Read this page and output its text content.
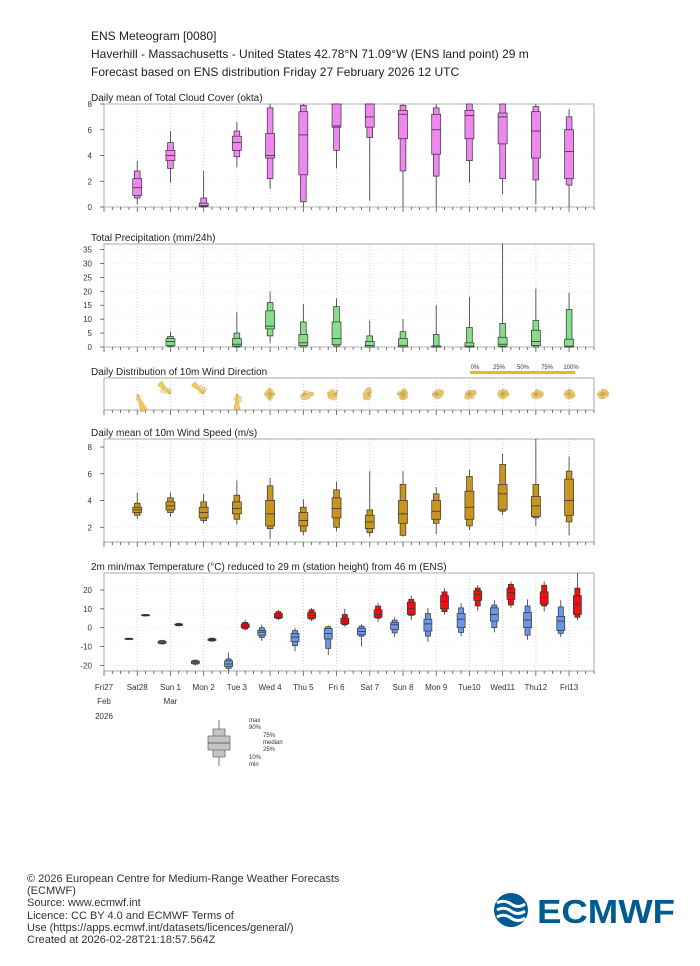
ENS Meteogram [0080]
Haverhill - Massachusetts - United States 42.78°N 71.09°W (ENS land point) 29 m
Forecast based on ENS distribution Friday 27 February 2026 12 UTC
Daily mean of Total Cloud Cover (okta)
0
2
4
6
8
Total Precipitation (mm/24h)
0
5
10
15
20
25
30
35
Daily mean of 10m Wind Speed (m/s)
2
4
6
8
Daily Distribution of 10m Wind Direction	0% 25% 50% 75% 100%
2m min/max Temperature (°C) reduced to 29 m (station height) from 46 m (ENS)
-20
-10
0
10
20
Fri27 Sat28 Sun 1 Mon 2 Tue 3 Wed 4 Thu 5 Fri 6 Sat 7 Sun 8 Mon 9 Tue10 Wed11 Thu12 Fri13
Feb	Mar
2026	max
90%
75%
median
25%
10%
min
© 2026 European Centre for Medium-Range Weather Forecasts
(ECMWF)
Source: www.ecmwf.int
Licence: CC BY 4.0 and ECMWF Terms of
Use (https://apps.ecmwf.int/datasets/licences/general/)
Created at 2026-02-28T21:18:57.564Z
ECMWF
